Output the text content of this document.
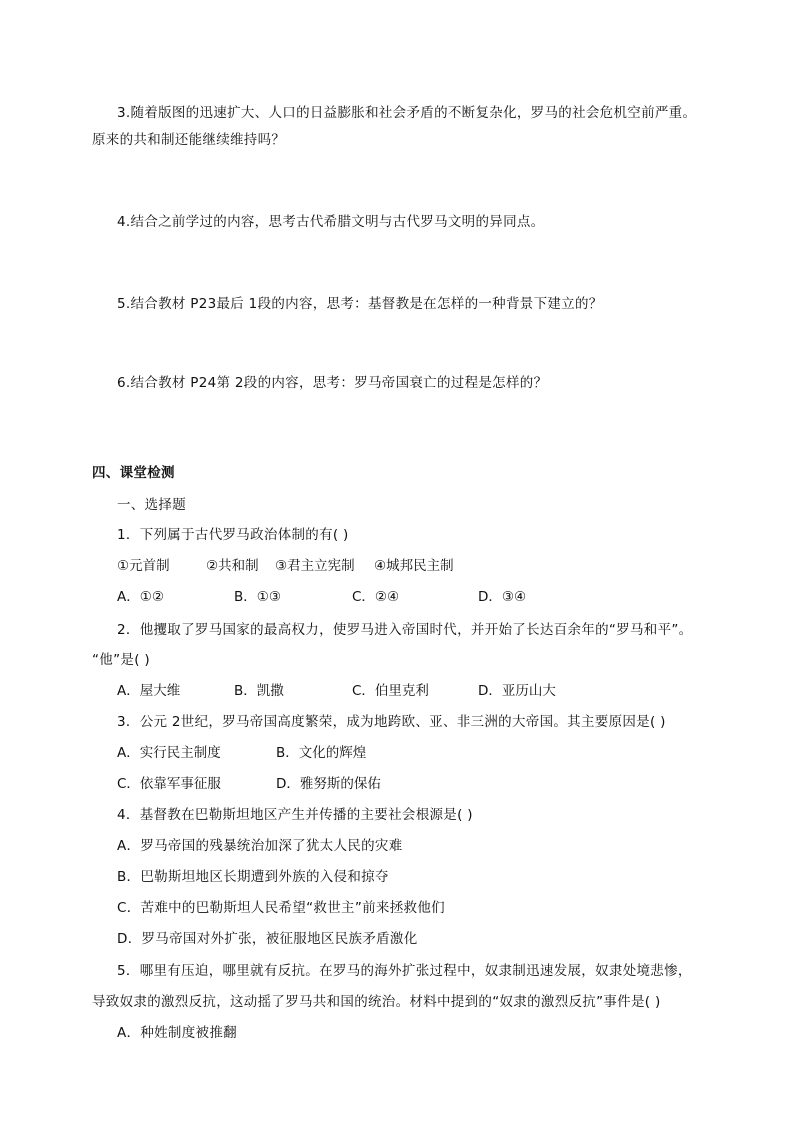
3.随着版图的迅速扩大、人口的日益膨胀和社会矛盾的不断复杂化，罗马的社会危机空前严重。
原来的共和制还能继续维持吗？
4.结合之前学过的内容，思考古代希腊文明与古代罗马文明的异同点。
5.结合教材 P23最后 1段的内容，思考：基督教是在怎样的一种背景下建立的？
6.结合教材 P24第 2段的内容，思考：罗马帝国衰亡的过程是怎样的？
四、课堂检测
一、选择题
1．下列属于古代罗马政治体制的有( )
①元首制	②共和制 ③君主立宪制 ④城邦民主制
A．①②	B．①③	C．②④	D．③④
2．他攫取了罗马国家的最高权力，使罗马进入帝国时代，并开始了长达百余年的“罗马和平”。
“他”是( )
A．屋大维	B．凯撒	C．伯里克利	D．亚历山大
3．公元 2世纪，罗马帝国高度繁荣，成为地跨欧、亚、非三洲的大帝国。其主要原因是( )
A．实行民主制度	B．文化的辉煌
C．依靠军事征服	D．雅努斯的保佑
4．基督教在巴勒斯坦地区产生并传播的主要社会根源是( )
A．罗马帝国的残暴统治加深了犹太人民的灾难
B．巴勒斯坦地区长期遭到外族的入侵和掠夺
C．苦难中的巴勒斯坦人民希望“救世主”前来拯救他们
D．罗马帝国对外扩张，被征服地区民族矛盾激化
5．哪里有压迫，哪里就有反抗。在罗马的海外扩张过程中，奴隶制迅速发展，奴隶处境悲惨，
导致奴隶的激烈反抗，这动摇了罗马共和国的统治。材料中提到的“奴隶的激烈反抗”事件是( )
A．种姓制度被推翻
